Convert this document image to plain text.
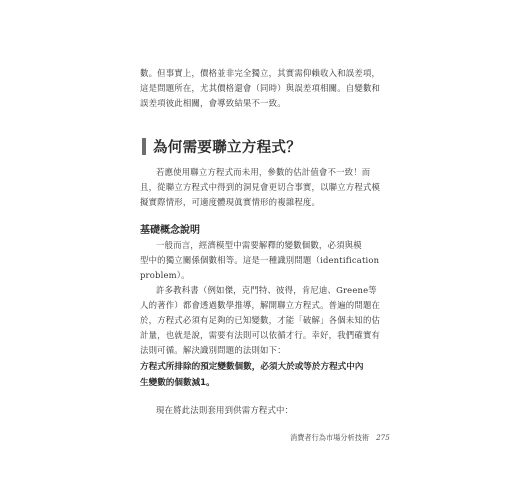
數。但事實上，價格並非完全獨立，其實需仰賴收入和誤差項，
這是問題所在，尤其價格還會（同時）與誤差項相關。自變數和
誤差項彼此相關，會導致結果不一致。

為何需要聯立方程式？

若應使用聯立方程式而未用，參數的估計值會不一致！而
且，從聯立方程式中得到的洞見會更切合事實，以聯立方程式模
擬實際情形，可適度體現眞實情形的複雜程度。

基礎概念說明

一般而言，經濟模型中需要解釋的變數個數，必須與模
型中的獨立關係個數相等。這是一種識別問題（identification
problem）。

許多教科書（例如傑，克門特、彼得，肯尼迪、Greene等
人的著作）都會透過數學推導，解開聯立方程式。普遍的問題在
於，方程式必須有足夠的已知變數，才能「破解」各個未知的估
計量，也就是說，需要有法則可以依循才行。幸好，我們確實有
法則可循。解決識別問題的法則如下：

方程式所排除的預定變數個數，必須大於或等於方程式中內
生變數的個數減1。

現在將此法則套用到供需方程式中：

消費者行為市場分析技術 275
